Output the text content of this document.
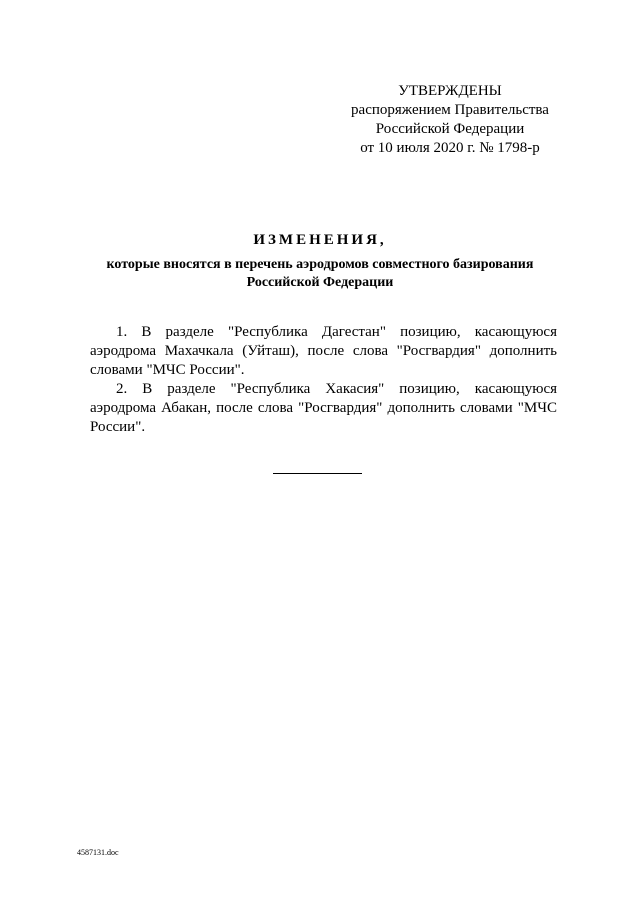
УТВЕРЖДЕНЫ
распоряжением Правительства
Российской Федерации
от 10 июля 2020 г. № 1798-р
ИЗМЕНЕНИЯ,
которые вносятся в перечень аэродромов совместного базирования
Российской Федерации

1. В разделе "Республика Дагестан" позицию, касающуюся аэродрома Махачкала (Уйташ), после слова "Росгвардия" дополнить словами "МЧС России".

2. В разделе "Республика Хакасия" позицию, касающуюся аэродрома Абакан, после слова "Росгвардия" дополнить словами "МЧС России".

4587131.doc
